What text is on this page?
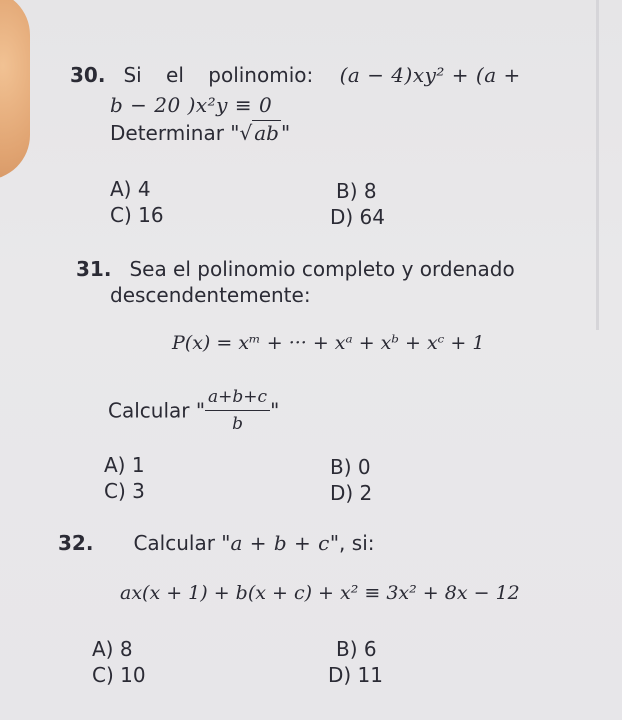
30. Si el polinomio: (a − 4)xy² + (a +
b − 20 )x²y ≡ 0
Determinar "√ ab "
A) 4	B) 8
C) 16	D) 64
31. Sea el polinomio completo y ordenado
descendentemente:
P(x) = xᵐ + ··· + xᵃ + xᵇ + xᶜ + 1
Calcular " $\frac{a+b+c}{b}$ "
A) 1	B) 0
C) 3	D) 2
32. Calcular "a + b + c", si:
ax(x + 1) + b(x + c) + x² ≡ 3x² + 8x − 12
A) 8	B) 6
C) 10	D) 11
